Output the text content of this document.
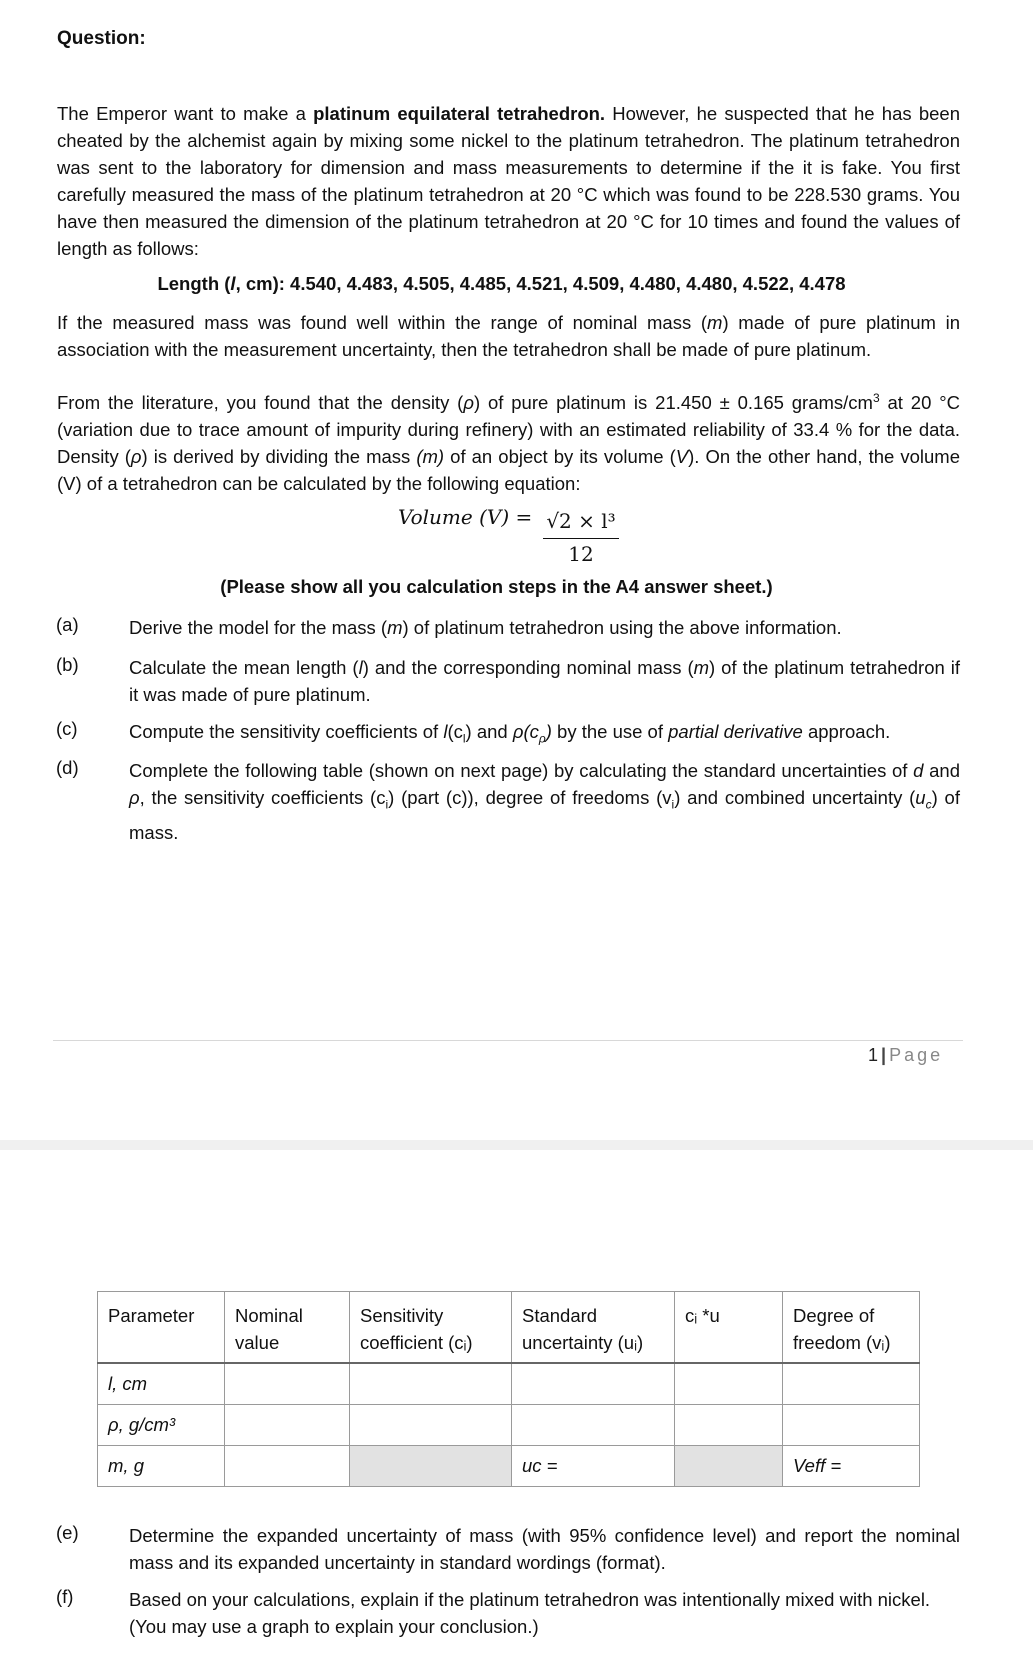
Question:
The Emperor want to make a platinum equilateral tetrahedron. However, he suspected that he has been cheated by the alchemist again by mixing some nickel to the platinum tetrahedron. The platinum tetrahedron was sent to the laboratory for dimension and mass measurements to determine if the it is fake. You first carefully measured the mass of the platinum tetrahedron at 20 °C which was found to be 228.530 grams. You have then measured the dimension of the platinum tetrahedron at 20 °C for 10 times and found the values of length as follows:
Length (l, cm): 4.540, 4.483, 4.505, 4.485, 4.521, 4.509, 4.480, 4.480, 4.522, 4.478
If the measured mass was found well within the range of nominal mass (m) made of pure platinum in association with the measurement uncertainty, then the tetrahedron shall be made of pure platinum.
From the literature, you found that the density (ρ) of pure platinum is 21.450 ± 0.165 grams/$cm^3$ at 20 °C (variation due to trace amount of impurity during refinery) with an estimated reliability of 33.4 % for the data. Density (ρ) is derived by dividing the mass (m) of an object by its volume (V). On the other hand, the volume (V) of a tetrahedron can be calculated by the following equation:
Volume (V) = √2 × l³
12
(Please show all you calculation steps in the A4 answer sheet.)
(a)	Derive the model for the mass (m) of platinum tetrahedron using the above information.
(b)	Calculate the mean length (l) and the corresponding nominal mass (m) of the platinum tetrahedron if it was made of pure platinum.
(c)	Compute the sensitivity coefficients of $l(c_l)$ and $\rho(c_\rho)$ by the use of partial derivative approach.
(d)	Complete the following table (shown on next page) by calculating the standard uncertainties of d and ρ, the sensitivity coefficients $(c_i)$ (part (c)), degree of freedoms $(v_i)$ and combined uncertainty $(u_c)$ of mass.
1 | Page
Parameter	Nominal value	Sensitivity coefficient (cᵢ)	Standard uncertainty (uᵢ)	cᵢ *u	Degree of freedom (vᵢ)
l, cm					
ρ, g/cm³					
m, g			uc =		Veff =
(e)	Determine the expanded uncertainty of mass (with 95% confidence level) and report the nominal mass and its expanded uncertainty in standard wordings (format).
(f)	Based on your calculations, explain if the platinum tetrahedron was intentionally mixed with nickel. (You may use a graph to explain your conclusion.)
